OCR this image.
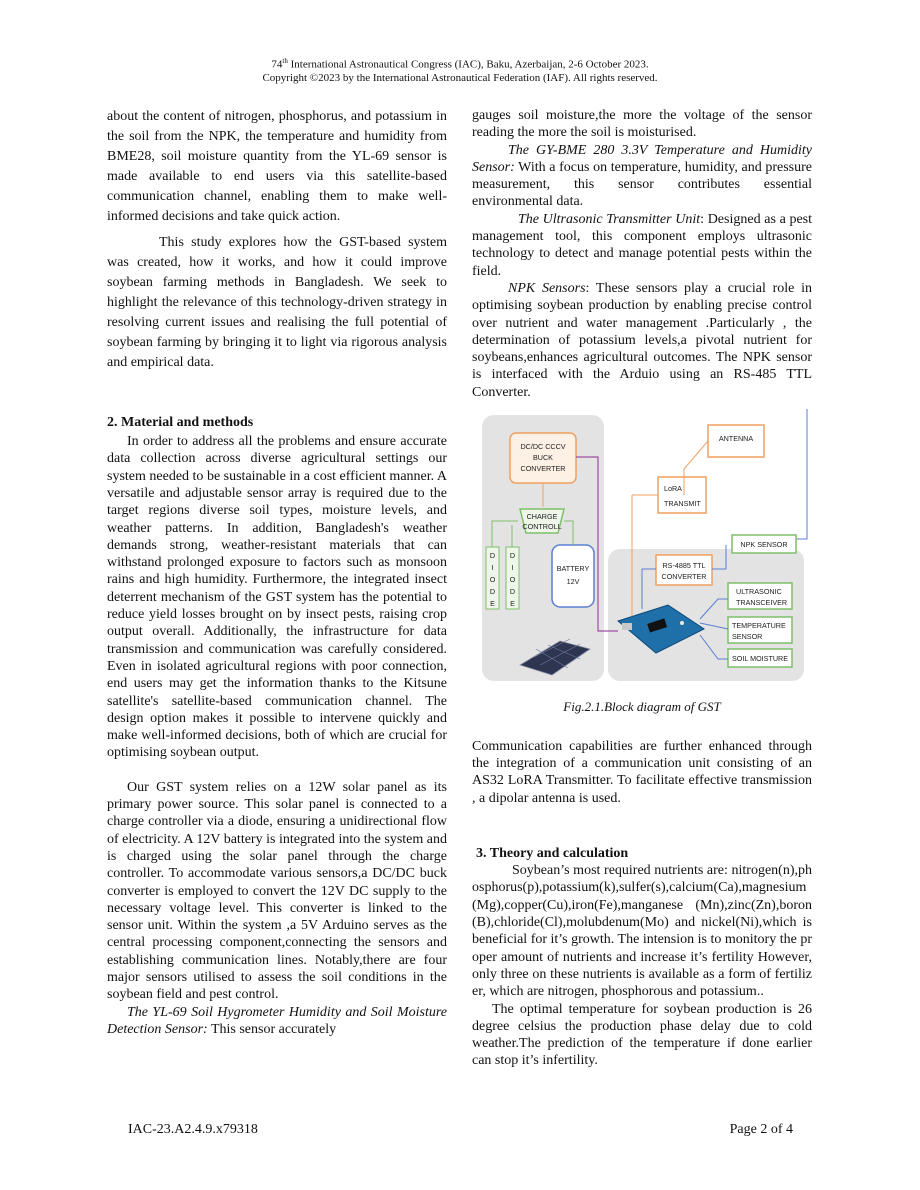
74th International Astronautical Congress (IAC), Baku, Azerbaijan, 2-6 October 2023.
Copyright ©2023 by the International Astronautical Federation (IAF). All rights reserved.

about the content of nitrogen, phosphorus, and potassium in the soil from the NPK, the temperature and humidity from BME28, soil moisture quantity from the YL-69 sensor is made available to end users via this satellite-based communication channel, enabling them to make well-informed decisions and take quick action.

This study explores how the GST-based system was created, how it works, and how it could improve soybean farming methods in Bangladesh. We seek to highlight the relevance of this technology-driven strategy in resolving current issues and realising the full potential of soybean farming by bringing it to light via rigorous analysis and empirical data.

2. Material and methods

In order to address all the problems and ensure accurate data collection across diverse agricultural settings our system needed to be sustainable in a cost efficient manner. A versatile and adjustable sensor array is required due to the target regions diverse soil types, moisture levels, and weather patterns. In addition, Bangladesh's weather demands strong, weather-resistant materials that can withstand prolonged exposure to factors such as monsoon rains and high humidity. Furthermore, the integrated insect deterrent mechanism of the GST system has the potential to reduce yield losses brought on by insect pests, raising crop output overall. Additionally, the infrastructure for data transmission and communication was carefully considered. Even in isolated agricultural regions with poor connection, end users may get the information thanks to the Kitsune satellite's satellite-based communication channel. The design option makes it possible to intervene quickly and make well-informed decisions, both of which are crucial for optimising soybean output.

Our GST system relies on a 12W solar panel as its primary power source. This solar panel is connected to a charge controller via a diode, ensuring a unidirectional flow of electricity. A 12V battery is integrated into the system and is charged using the solar panel through the charge controller. To accommodate various sensors,a DC/DC buck converter is employed to convert the 12V DC supply to the necessary voltage level. This converter is linked to the sensor unit. Within the system ,a 5V Arduino serves as the central processing component,connecting the sensors and establishing communication lines. Notably,there are four major sensors utilised to assess the soil conditions in the soybean field and pest control.

The YL-69 Soil Hygrometer Humidity and Soil Moisture Detection Sensor: This sensor accurately

gauges soil moisture,the more the voltage of the sensor reading the more the soil is moisturised.

The GY-BME 280 3.3V Temperature and Humidity Sensor: With a focus on temperature, humidity, and pressure measurement, this sensor contributes essential environmental data.

The Ultrasonic Transmitter Unit: Designed as a pest management tool, this component employs ultrasonic technology to detect and manage potential pests within the field.

NPK Sensors: These sensors play a crucial role in optimising soybean production by enabling precise control over nutrient and water management .Particularly , the determination of potassium levels,a pivotal nutrient for soybeans,enhances agricultural outcomes. The NPK sensor is interfaced with the Arduio using an RS-485 TTL Converter.

DC/DC CCCV
BUCK
CONVERTER
CHARGE
CONTROLL
D
I
O
D
E
D
I
O
D
E
BATTERY
12V
ANTENNA
LoRA
TRANSMIT
RS-4885 TTL
CONVERTER
NPK SENSOR
ULTRASONIC
TRANSCEIVER
TEMPERATURE
SENSOR
SOIL MOISTURE
Fig.2.1.Block diagram of GST

Communication capabilities are further enhanced through the integration of a communication unit consisting of an AS32 LoRA Transmitter. To facilitate effective transmission , a dipolar antenna is used.

3. Theory and calculation

Soybean’s most required nutrients are: nitrogen(n),phosphorus(p),potassium(k),sulfer(s),calcium(Ca),magnesium(Mg),copper(Cu),iron(Fe),manganese (Mn),zinc(Zn),boron(B),chloride(Cl),molubdenum(Mo) and nickel(Ni),which is beneficial for it’s growth. The intension is to monitory the proper amount of nutrients and increase it’s fertility However, only three on these nutrients is available as a form of fertilizer, which are nitrogen, phosphorous and potassium..

The optimal temperature for soybean production is 26 degree celsius the production phase delay due to cold weather.The prediction of the temperature if done earlier can stop it’s infertility.

IAC-23.A2.4.9.x79318	Page 2 of 4
